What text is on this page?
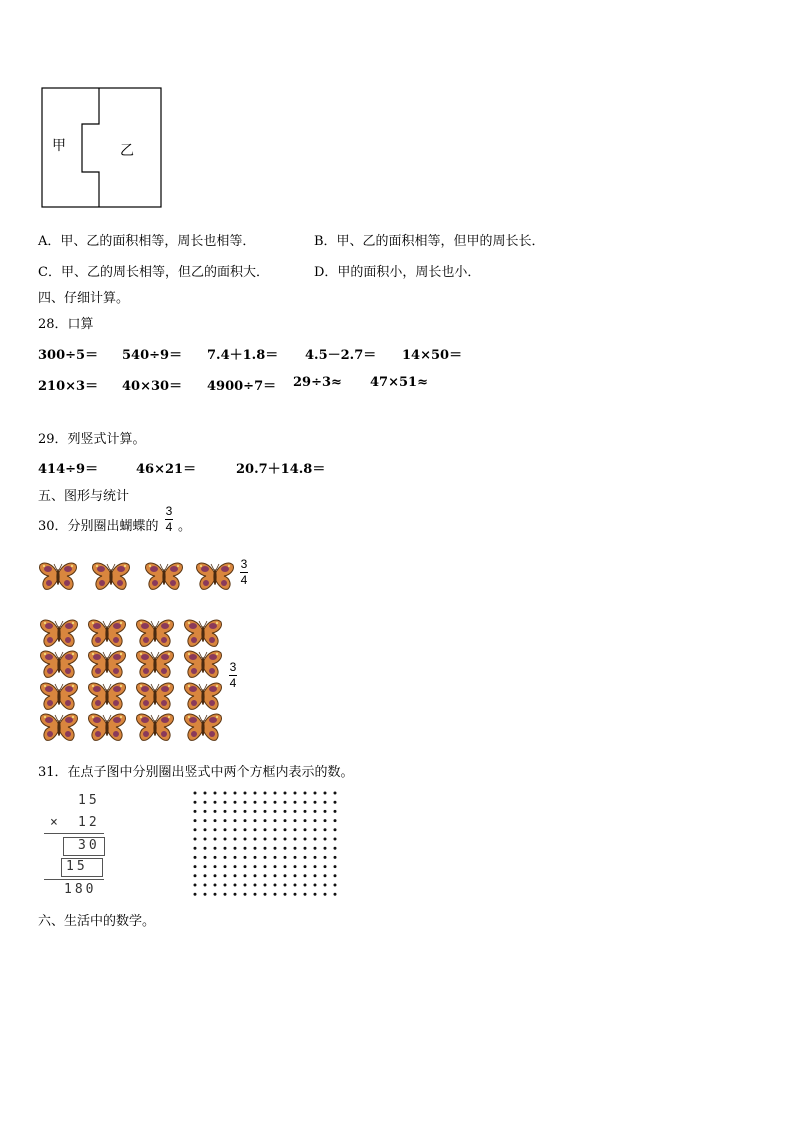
甲	乙
A．甲、乙的面积相等，周长也相等．	B．甲、乙的面积相等，但甲的周长长．
C．甲、乙的周长相等，但乙的面积大．	D．甲的面积小，周长也小．
四、仔细计算。
28．口算
300÷5＝ 540÷9＝ 7.4＋1.8＝ 4.5－2.7＝ 14×50＝
210×3＝ 40×30＝ 4900÷7＝ 29÷3≈ 47×51≈
29．列竖式计算。
414÷9＝	46×21＝	20.7＋14.8＝
五、图形与统计
30．分别圈出蝴蝶的
3
4 。
3
4
3
4
31．在点子图中分别圈出竖式中两个方框内表示的数。
15
× 12
30
15
180
六、生活中的数学。
